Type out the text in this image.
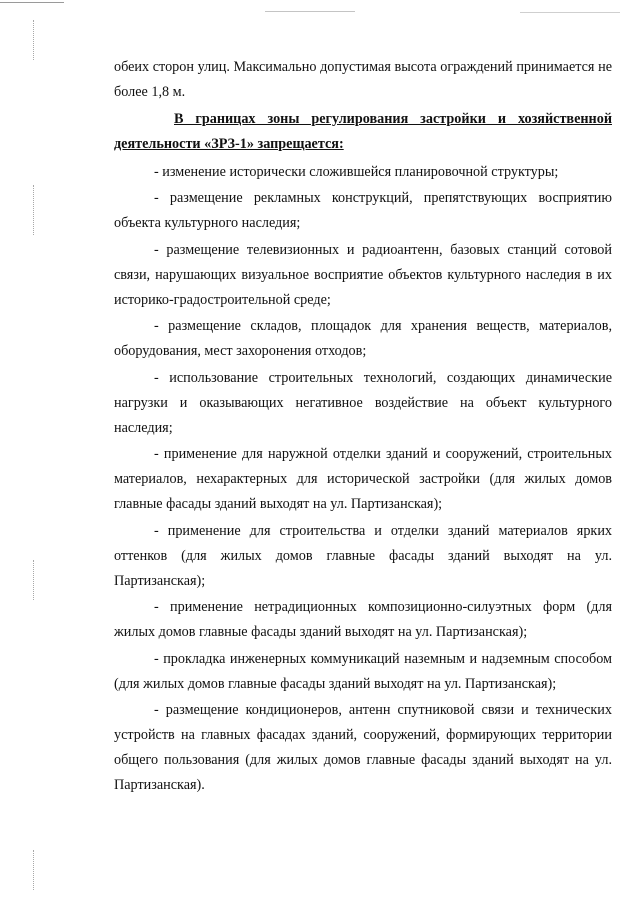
обеих сторон улиц. Максимально допустимая высота ограждений принимается не более 1,8 м.

В границах зоны регулирования застройки и хозяйственной деятельности «ЗРЗ-1» запрещается:

- изменение исторически сложившейся планировочной структуры;

- размещение рекламных конструкций, препятствующих восприятию объекта культурного наследия;

- размещение телевизионных и радиоантенн, базовых станций сотовой связи, нарушающих визуальное восприятие объектов культурного наследия в их историко-градостроительной среде;

- размещение складов, площадок для хранения веществ, материалов, оборудования, мест захоронения отходов;

- использование строительных технологий, создающих динамические нагрузки и оказывающих негативное воздействие на объект культурного наследия;

- применение для наружной отделки зданий и сооружений, строительных материалов, нехарактерных для исторической застройки (для жилых домов главные фасады зданий выходят на ул. Партизанская);

- применение для строительства и отделки зданий материалов ярких оттенков (для жилых домов главные фасады зданий выходят на ул. Партизанская);

- применение нетрадиционных композиционно-силуэтных форм (для жилых домов главные фасады зданий выходят на ул. Партизанская);

- прокладка инженерных коммуникаций наземным и надземным способом (для жилых домов главные фасады зданий выходят на ул. Партизанская);

- размещение кондиционеров, антенн спутниковой связи и технических устройств на главных фасадах зданий, сооружений, формирующих территории общего пользования (для жилых домов главные фасады зданий выходят на ул. Партизанская).
